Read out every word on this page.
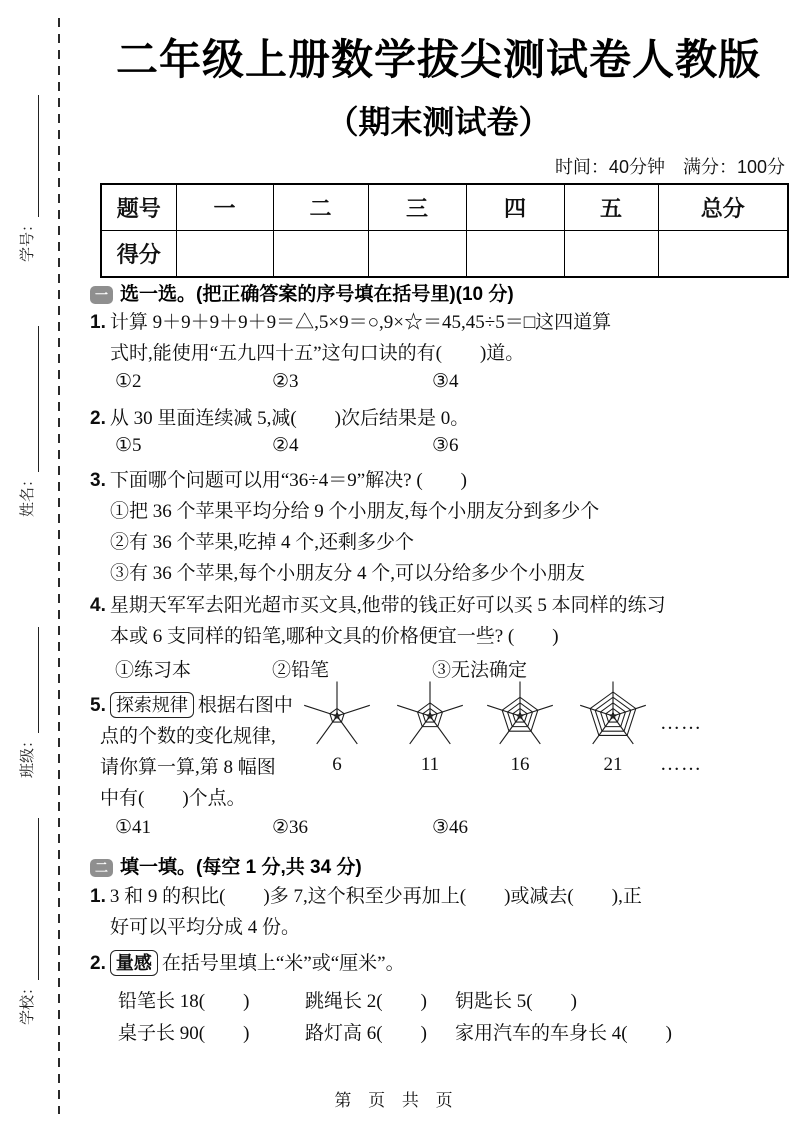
学号：
姓名：
班级：
学校：
二年级上册数学拔尖测试卷人教版
（期末测试卷）
时间：40分钟　满分：100分
题号	一	二	三	四	五	总分
得分						
一 选一选。(把正确答案的序号填在括号里)(10 分)
1. 计算 9＋9＋9＋9＋9＝△,5×9＝○,9×☆＝45,45÷5＝□这四道算
式时,能使用“五九四十五”这句口诀的有(　　)道。
①2	②3	③4
2. 从 30 里面连续减 5,减(　　)次后结果是 0。
①5	②4	③6
3. 下面哪个问题可以用“36÷4＝9”解决? (　　)
①把 36 个苹果平均分给 9 个小朋友,每个小朋友分到多少个
②有 36 个苹果,吃掉 4 个,还剩多少个
③有 36 个苹果,每个小朋友分 4 个,可以分给多少个小朋友
4. 星期天军军去阳光超市买文具,他带的钱正好可以买 5 本同样的练习
本或 6 支同样的铅笔,哪种文具的价格便宜一些? (　　)
①练习本	②铅笔	③无法确定
5. 探索规律 根据右图中
点的个数的变化规律,
请你算一算,第 8 幅图
中有(　　)个点。
6	11	16	21
……
……
①41	②36	③46
二 填一填。(每空 1 分,共 34 分)
1. 3 和 9 的积比(　　)多 7,这个积至少再加上(　　)或减去(　　),正
好可以平均分成 4 份。
2. 量感 在括号里填上“米”或“厘米”。
铅笔长 18(　　)	跳绳长 2(　　) 钥匙长 5(　　)
桌子长 90(　　)	路灯高 6(　　) 家用汽车的车身长 4(　　)
第 页 共 页
